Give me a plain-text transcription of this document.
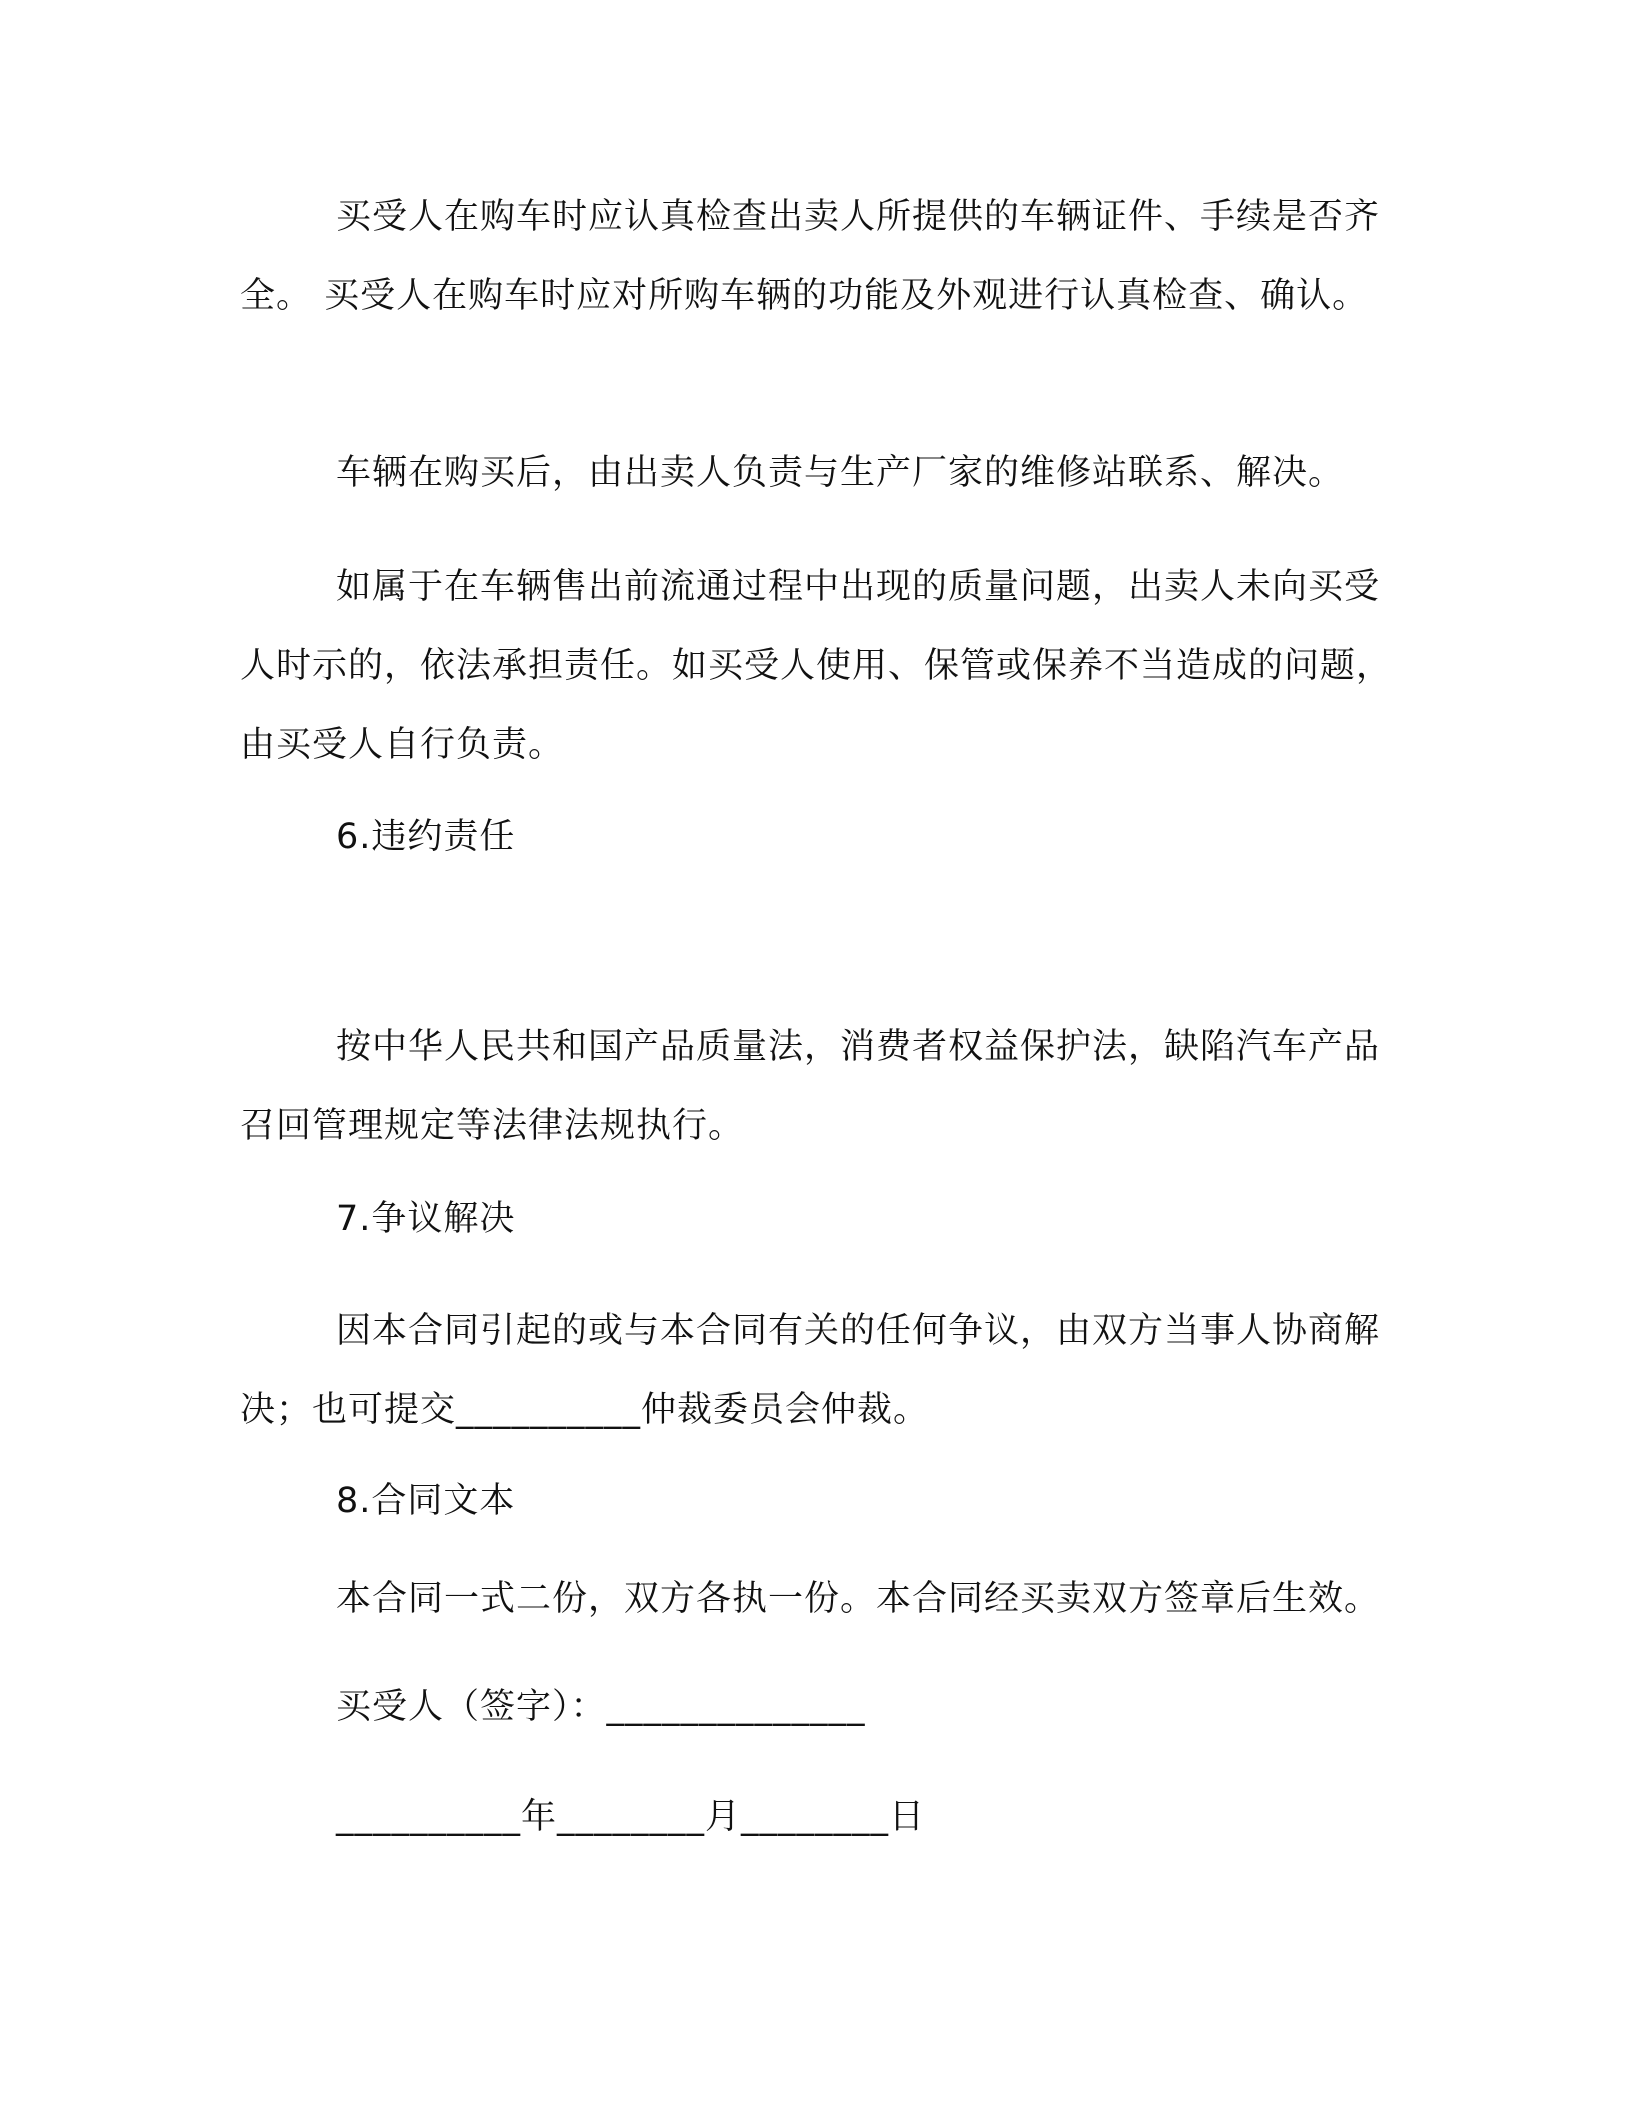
买受人在购车时应认真检查出卖人所提供的车辆证件、手续是否齐全。 买受人在购车时应对所购车辆的功能及外观进行认真检查、确认。

车辆在购买后，由出卖人负责与生产厂家的维修站联系、解决。

如属于在车辆售出前流通过程中出现的质量问题，出卖人未向买受人时示的，依法承担责任。如买受人使用、保管或保养不当造成的问题，由买受人自行负责。

6.违约责任

按中华人民共和国产品质量法，消费者权益保护法，缺陷汽车产品召回管理规定等法律法规执行。

7.争议解决

因本合同引起的或与本合同有关的任何争议，由双方当事人协商解决；也可提交__________仲裁委员会仲裁。

8.合同文本

本合同一式二份，双方各执一份。本合同经买卖双方签章后生效。

买受人（签字）：______________

__________年________月________日
